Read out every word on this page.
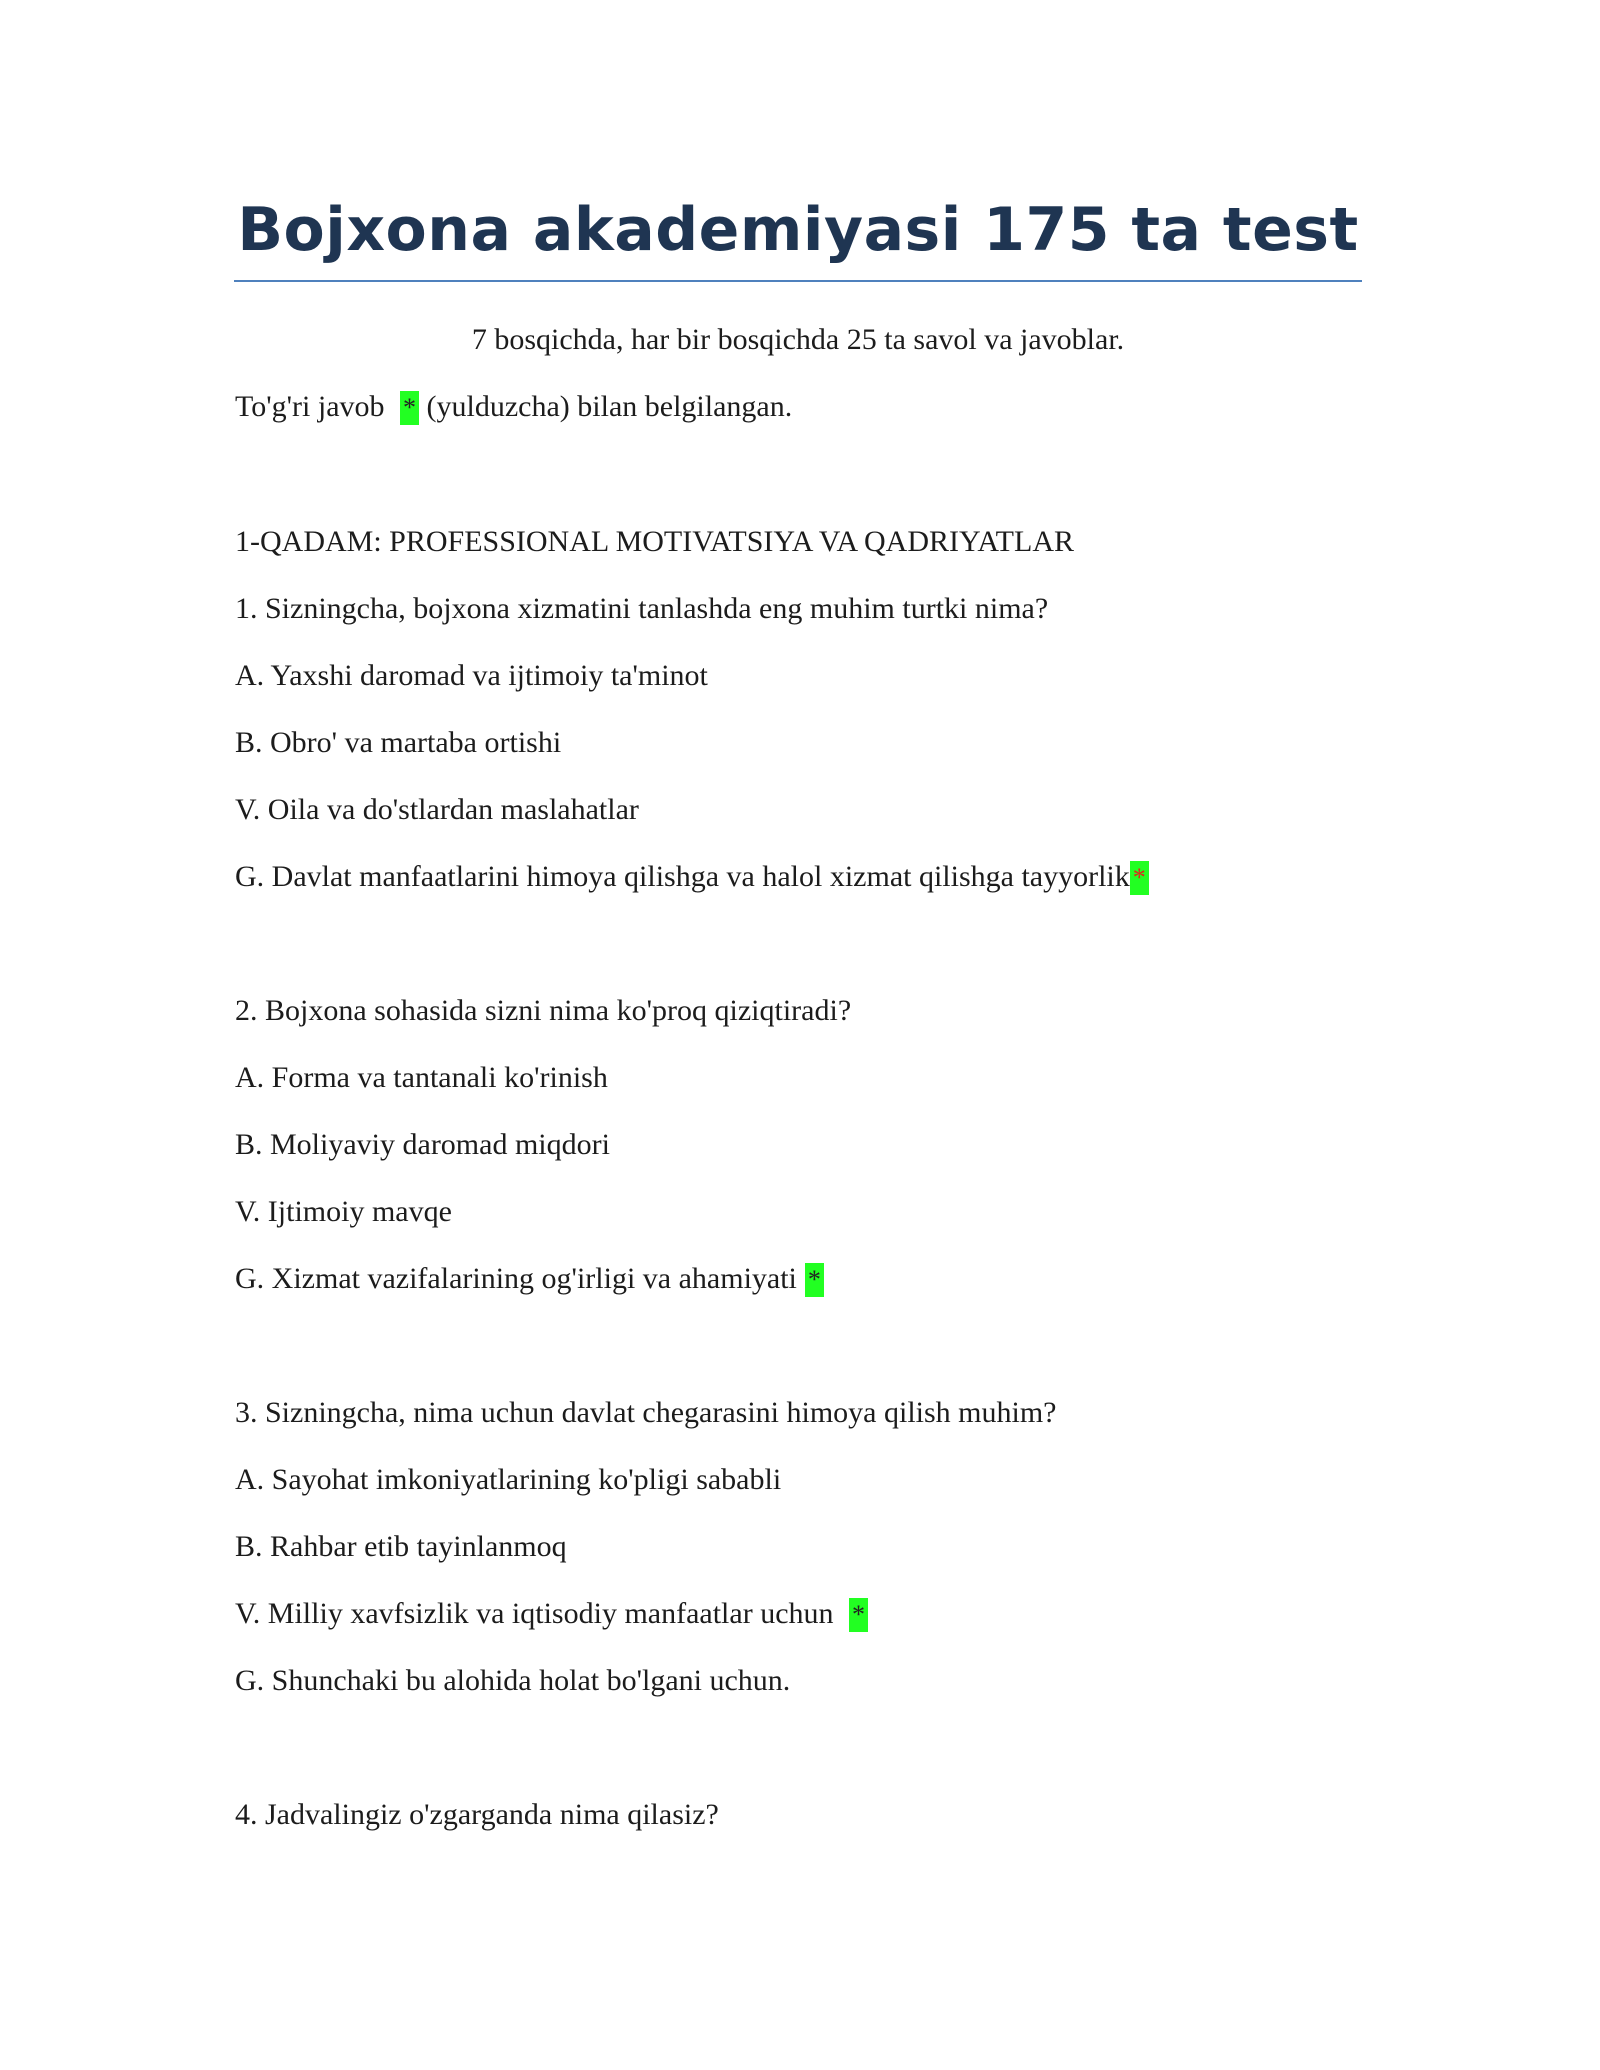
Bojxona akademiyasi 175 ta test
7 bosqichda, har bir bosqichda 25 ta savol va javoblar.
To'g'ri javob * (yulduzcha) bilan belgilangan.
1-QADAM: PROFESSIONAL MOTIVATSIYA VA QADRIYATLAR
1. Sizningcha, bojxona xizmatini tanlashda eng muhim turtki nima?
A. Yaxshi daromad va ijtimoiy ta'minot
B. Obro' va martaba ortishi
V. Oila va do'stlardan maslahatlar
G. Davlat manfaatlarini himoya qilishga va halol xizmat qilishga tayyorlik *
2. Bojxona sohasida sizni nima ko'proq qiziqtiradi?
A. Forma va tantanali ko'rinish
B. Moliyaviy daromad miqdori
V. Ijtimoiy mavqe
G. Xizmat vazifalarining og'irligi va ahamiyati *
3. Sizningcha, nima uchun davlat chegarasini himoya qilish muhim?
A. Sayohat imkoniyatlarining ko'pligi sababli
B. Rahbar etib tayinlanmoq
V. Milliy xavfsizlik va iqtisodiy manfaatlar uchun *
G. Shunchaki bu alohida holat bo'lgani uchun.
4. Jadvalingiz o'zgarganda nima qilasiz?
